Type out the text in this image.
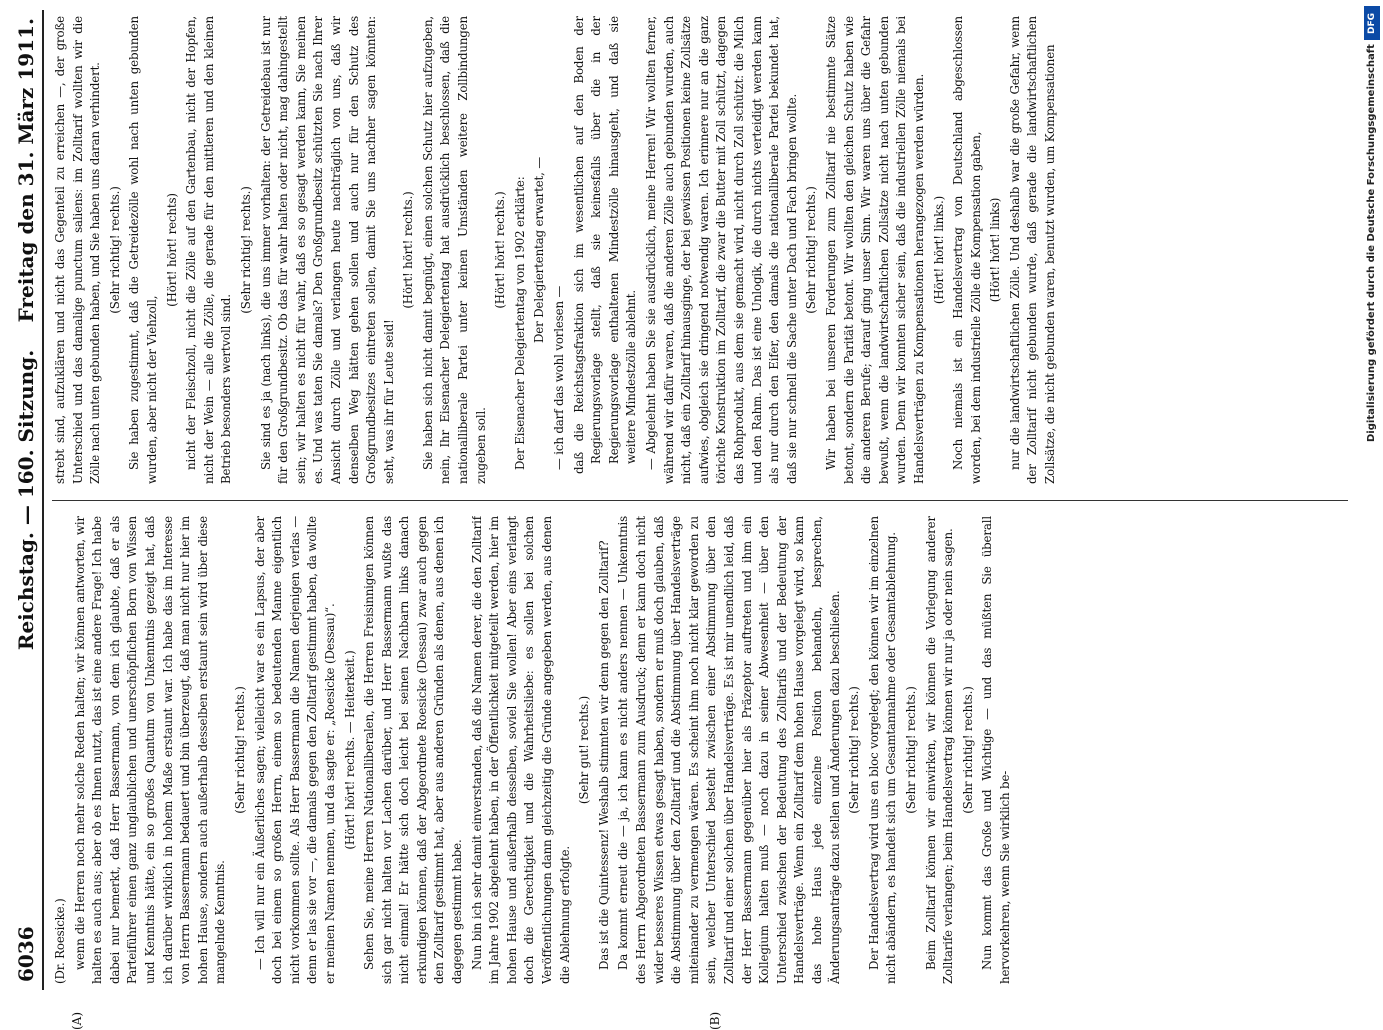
6036
Reichstag. — 160. Sitzung.
Freitag den 31. März 1911.
(A)	(B)

(Dr. Roesicke.) wenn die Herren noch mehr solche Reden halten; wir können antworten, wir halten es auch aus; aber ob es Ihnen nutzt, das ist eine andere Frage! Ich habe dabei nur bemerkt, daß Herr Bassermann, von dem ich glaubte, daß er als Parteiführer einen ganz unglaublichen und unerschöpflichen Born von Wissen und Kenntnis hätte, ein so großes Quantum von Unkenntnis gezeigt hat, daß ich darüber wirklich in hohem Maße erstaunt war. Ich habe das im Interesse von Herrn Bassermann bedauert und bin überzeugt, daß man nicht nur hier im hohen Hause, sondern auch außerhalb desselben erstaunt sein wird über diese mangelnde Kenntnis.

(Sehr richtig! rechts.) — Ich will nur ein Äußerliches sagen; vielleicht war es ein Lapsus, der aber doch bei einem so großen Herrn, einem so bedeutenden Manne eigentlich nicht vorkommen sollte. Als Herr Bassermann die Namen derjenigen verlas — denn er las sie vor —, die damals gegen den Zolltarif gestimmt haben, da wollte er meinen Namen nennen, und da sagte er: „Roesicke (Dessau)“. (Hört! hört! rechts. — Heiterkeit.) Sehen Sie, meine Herren Nationalliberalen, die Herren Freisinnigen können sich gar nicht halten vor Lachen darüber, und Herr Bassermann wußte das nicht einmal! Er hätte sich doch leicht bei seinen Nachbarn links danach erkundigen können, daß der Abgeordnete Roesicke (Dessau) zwar auch gegen den Zolltarif gestimmt hat, aber aus anderen Gründen als denen, aus denen ich dagegen gestimmt habe. Nun bin ich sehr damit einverstanden, daß die Namen derer, die den Zolltarif im Jahre 1902 abgelehnt haben, in der Öffentlichkeit mitgeteilt werden, hier im hohen Hause und außerhalb desselben, soviel Sie wollen! Aber eins verlangt doch die Gerechtigkeit und die Wahrheitsliebe: es sollen bei solchen Veröffentlichungen dann gleichzeitig die Gründe angegeben werden, aus denen die Ablehnung erfolgte.

(Sehr gut! rechts.) Das ist die Quintessenz! Weshalb stimmten wir denn gegen den Zolltarif? Da kommt erneut die — ja, ich kann es nicht anders nennen — Unkenntnis des Herrn Abgeordneten Bassermann zum Ausdruck; denn er kann doch nicht wider besseres Wissen etwas gesagt haben, sondern er muß doch glauben, daß die Abstimmung über den Zolltarif und die Abstimmung über Handelsverträge miteinander zu vermengen wären. Es scheint ihm noch nicht klar geworden zu sein, welcher Unterschied besteht zwischen einer Abstimmung über den Zolltarif und einer solchen über Handelsverträge. Es ist mir unendlich leid, daß der Herr Bassermann gegenüber hier als Präzeptor auftreten und ihm ein Kollegium halten muß — noch dazu in seiner Abwesenheit — über den Unterschied zwischen der Bedeutung des Zolltarifs und der Bedeutung der Handelsverträge. Wenn ein Zolltarif dem hohen Hause vorgelegt wird, so kann das hohe Haus jede einzelne Position behandeln, besprechen, Änderungsanträge dazu stellen und Änderungen dazu beschließen. (Sehr richtig! rechts.) Der Handelsvertrag wird uns en bloc vorgelegt; den können wir im einzelnen nicht abändern, es handelt sich um Gesamtannahme oder Gesamtablehnung. (Sehr richtig! rechts.) Beim Zolltarif können wir einwirken, wir können die Vorlegung anderer Zolltarife verlangen; beim Handelsvertrag können wir nur ja oder nein sagen. (Sehr richtig! rechts.) Nun kommt das Große und Wichtige — und das müßten Sie überall hervorkehren, wenn Sie wirklich be-

strebt sind, aufzuklären und nicht das Gegenteil zu erreichen —, der große Unterschied und das damalige punctum saliens: im Zolltarif wollten wir die Zölle nach unten gebunden haben, und Sie haben uns daran verhindert. (Sehr richtig! rechts.) Sie haben zugestimmt, daß die Getreidezölle wohl nach unten gebunden wurden, aber nicht der Viehzoll,

(Hört! hört! rechts) nicht der Fleischzoll, nicht die Zölle auf den Gartenbau, nicht der Hopfen, nicht der Wein — alle die Zölle, die gerade für den mittleren und den kleinen Betrieb besonders wertvoll sind.

(Sehr richtig! rechts.) Sie sind es ja (nach links), die uns immer vorhalten: der Getreidebau ist nur für den Großgrundbesitz. Ob das für wahr halten oder nicht, mag dahingestellt sein; wir halten es nicht für wahr, daß es so gesagt werden kann, Sie meinen es. Und was taten Sie damals? Den Großgrundbesitz schützten Sie nach Ihrer Ansicht durch Zölle und verlangen heute nachträglich von uns, daß wir denselben Weg hätten gehen sollen und auch nur für den Schutz des Großgrundbesitzes eintreten sollen, damit Sie uns nachher sagen könnten: seht, was ihr für Leute seid!

(Hört! hört! rechts.) Sie haben sich nicht damit begnügt, einen solchen Schutz hier aufzugeben, nein, Ihr Eisenacher Delegiertentag hat ausdrücklich beschlossen, daß die nationalliberale Partei unter keinen Umständen weitere Zollbindungen zugeben soll.

(Hört! hört! rechts.) Der Eisenacher Delegiertentag von 1902 erklärte: Der Delegiertentag erwartet, —

— ich darf das wohl vorlesen — daß die Reichstagsfraktion sich im wesentlichen auf den Boden der Regierungsvorlage stellt, daß sie keinesfalls über die in der Regierungsvorlage enthaltenen Mindestzölle hinausgeht, und daß sie weitere Mindestzölle ablehnt. — Abgelehnt haben Sie sie ausdrücklich, meine Herren! Wir wollten ferner, während wir dafür waren, daß die anderen Zölle auch gebunden wurden, auch nicht, daß ein Zolltarif hinausginge, der bei gewissen Positionen keine Zollsätze aufwies, obgleich sie dringend notwendig waren. Ich erinnere nur an die ganz törichte Konstruktion im Zolltarif, die zwar die Butter mit Zoll schützt, dagegen das Rohprodukt, aus dem sie gemacht wird, nicht durch Zoll schützt: die Milch und den Rahm. Das ist eine Unlogik, die durch nichts verteidigt werden kann als nur durch den Eifer, den damals die nationalliberale Partei bekundet hat, daß sie nur schnell die Sache unter Dach und Fach bringen wollte. (Sehr richtig! rechts.) Wir haben bei unseren Forderungen zum Zolltarif nie bestimmte Sätze betont, sondern die Parität betont. Wir wollten den gleichen Schutz haben wie die anderen Berufe; darauf ging unser Sinn. Wir waren uns über die Gefahr bewußt, wenn die landwirtschaftlichen Zollsätze nicht nach unten gebunden wurden. Denn wir konnten sicher sein, daß die industriellen Zölle niemals bei Handelsverträgen zu Kompensationen herangezogen werden würden. (Hört! hört! links.) Noch niemals ist ein Handelsvertrag von Deutschland abgeschlossen worden, bei dem industrielle Zölle die Kompensation gaben, (Hört! hört! links) nur die landwirtschaftlichen Zölle. Und deshalb war die große Gefahr, wenn der Zolltarif nicht gebunden wurde, daß gerade die landwirtschaftlichen Zollsätze, die nicht gebunden waren, benutzt wurden, um Kompensationen

DFG
Digitalisierung gefördert durch die Deutsche Forschungsgemeinschaft
